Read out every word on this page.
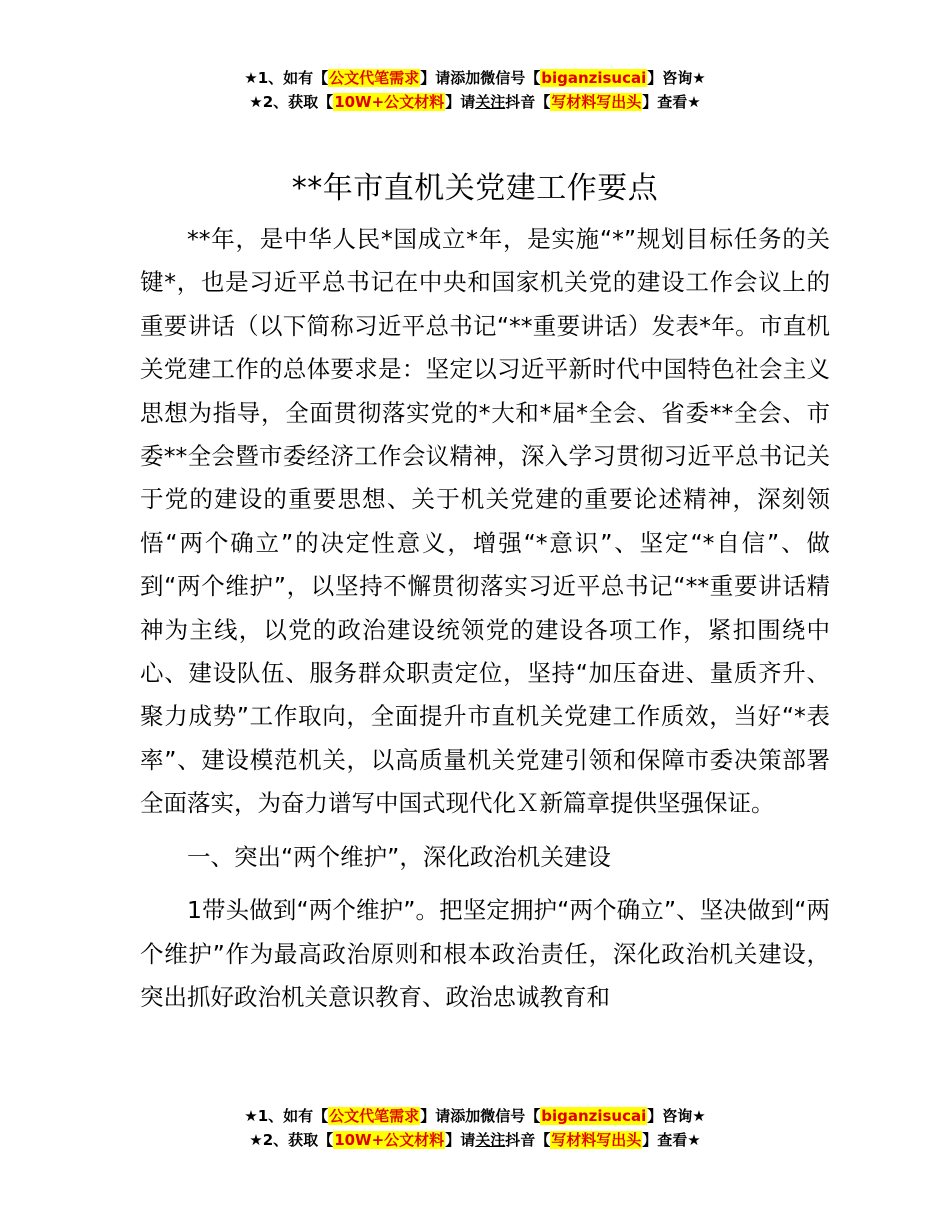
★1、如有【公文代笔需求】请添加微信号【biganzisucai】咨询★
★2、获取【10W+公文材料】请关注抖音【写材料写出头】查看★
**年市直机关党建工作要点

**年，是中华人民*国成立*年，是实施“*”规划目标任务的关键*，也是习近平总书记在中央和国家机关党的建设工作会议上的重要讲话（以下简称习近平总书记“**重要讲话）发表*年。市直机关党建工作的总体要求是：坚定以习近平新时代中国特色社会主义思想为指导，全面贯彻落实党的*大和*届*全会、省委**全会、市委**全会暨市委经济工作会议精神，深入学习贯彻习近平总书记关于党的建设的重要思想、关于机关党建的重要论述精神，深刻领悟“两个确立”的决定性意义，增强“*意识”、坚定“*自信”、做到“两个维护”，以坚持不懈贯彻落实习近平总书记“**重要讲话精神为主线，以党的政治建设统领党的建设各项工作，紧扣围绕中心、建设队伍、服务群众职责定位，坚持“加压奋进、量质齐升、聚力成势”工作取向，全面提升市直机关党建工作质效，当好“*表率”、建设模范机关，以高质量机关党建引领和保障市委决策部署全面落实，为奋力谱写中国式现代化Ｘ新篇章提供坚强保证。

一、突出“两个维护”，深化政治机关建设

1带头做到“两个维护”。把坚定拥护“两个确立”、坚决做到“两个维护”作为最高政治原则和根本政治责任，深化政治机关建设，突出抓好政治机关意识教育、政治忠诚教育和

★1、如有【公文代笔需求】请添加微信号【biganzisucai】咨询★
★2、获取【10W+公文材料】请关注抖音【写材料写出头】查看★
